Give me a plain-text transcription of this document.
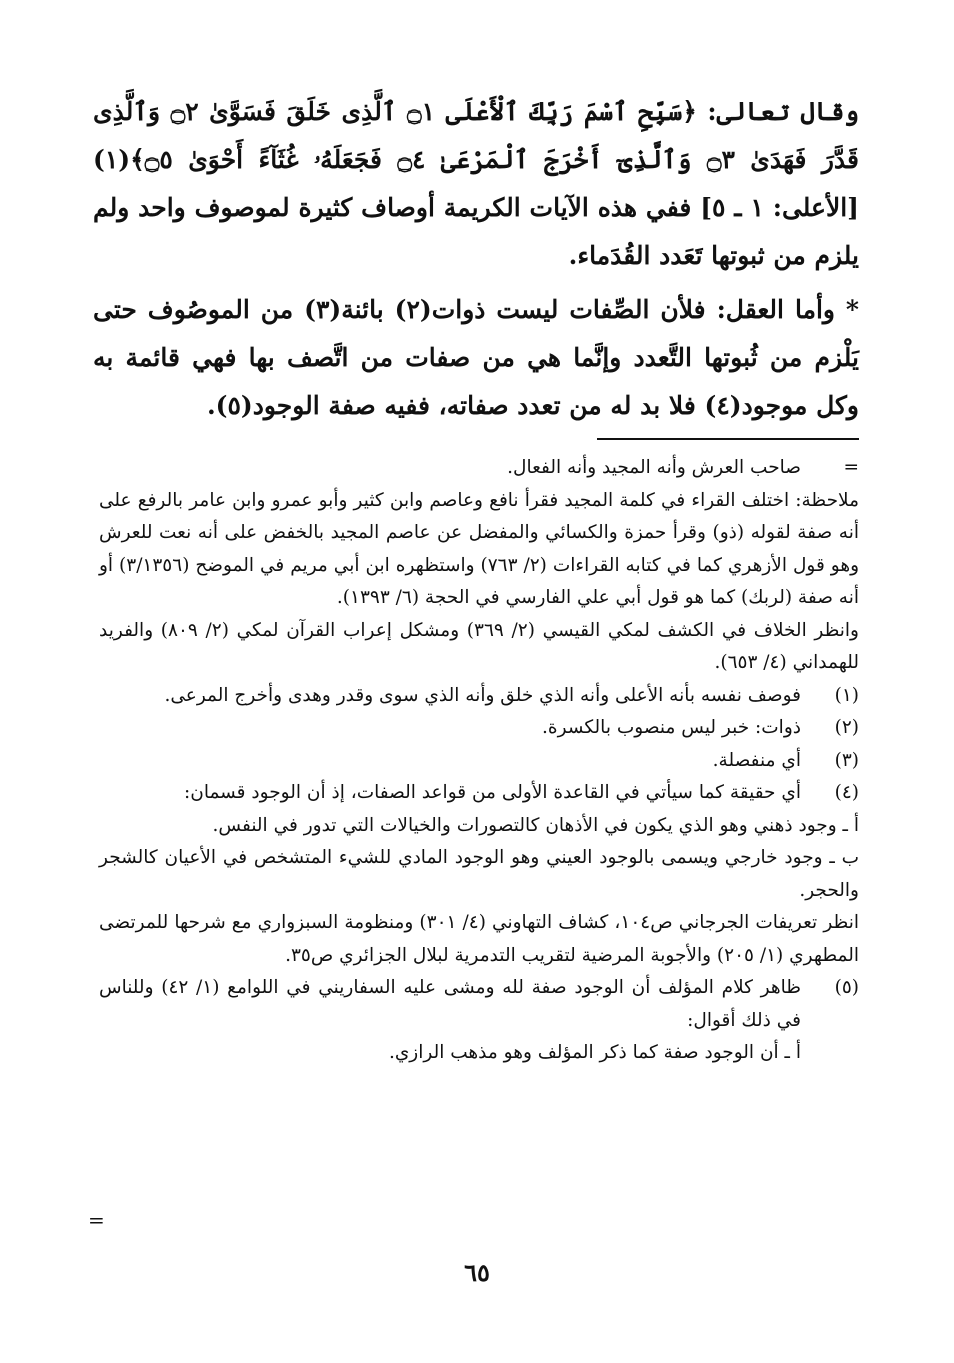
وقال تعالى: ﴿سَبِّحِ ٱسْمَ رَبِّكَ ٱلْأَعْلَى ۝١ ٱلَّذِى خَلَقَ فَسَوَّىٰ ۝٢ وَٱلَّذِى قَدَّرَ فَهَدَىٰ ۝٣ وَٱلَّذِىٓ أَخْرَجَ ٱلْمَرْعَىٰ ۝٤ فَجَعَلَهُۥ غُثَآءً أَحْوَىٰ ۝٥﴾(١) [الأعلى: ١ ـ ٥] ففي هذه الآيات الكريمة أوصاف كثيرة لموصوف واحد ولم يلزم من ثبوتها تَعَدد القُدَماء.

* وأما العقل: فلأن الصِّفات ليست ذوات(٢) بائنة(٣) من الموصُوف حتى يَلْزم من ثُبوتها التَّعدد وإنَّما هي من صفات من اتَّصف بها فهي قائمة به وكل موجود(٤) فلا بد له من تعدد صفاته، ففيه صفة الوجود(٥).

=
صاحب العرش وأنه المجيد وأنه الفعال.
ملاحظة: اختلف القراء في كلمة المجيد فقرأ نافع وعاصم وابن كثير وأبو عمرو وابن عامر بالرفع على أنه صفة لقوله (ذو) وقرأ حمزة والكسائي والمفضل عن عاصم المجيد بالخفض على أنه نعت للعرش وهو قول الأزهري كما في كتابه القراءات (٢/ ٧٦٣) واستظهره ابن أبي مريم في الموضح (٣/١٣٥٦) أو أنه صفة (لربك) كما هو قول أبي علي الفارسي في الحجة (٦/ ١٣٩٣).
وانظر الخلاف في الكشف لمكي القيسي (٢/ ٣٦٩) ومشكل إعراب القرآن لمكي (٢/ ٨٠٩) والفريد للهمداني (٤/ ٦٥٣).
(١)
فوصف نفسه بأنه الأعلى وأنه الذي خلق وأنه الذي سوى وقدر وهدى وأخرج المرعى.
(٢)
ذوات: خبر ليس منصوب بالكسرة.
(٣)
أي منفصلة.
(٤)
أي حقيقة كما سيأتي في القاعدة الأولى من قواعد الصفات، إذ أن الوجود قسمان:
أ ـ وجود ذهني وهو الذي يكون في الأذهان كالتصورات والخيالات التي تدور في النفس.
ب ـ وجود خارجي ويسمى بالوجود العيني وهو الوجود المادي للشيء المتشخص في الأعيان كالشجر والحجر.
انظر تعريفات الجرجاني ص١٠٤، كشاف التهاوني (٤/ ٣٠١) ومنظومة السبزواري مع شرحها للمرتضى المطهري (١/ ٢٠٥) والأجوبة المرضية لتقريب التدمرية لبلال الجزائري ص٣٥.
(٥)
ظاهر كلام المؤلف أن الوجود صفة لله ومشى عليه السفاريني في اللوامع (١/ ٤٢) وللناس في ذلك أقوال:
أ ـ أن الوجود صفة كما ذكر المؤلف وهو مذهب الرازي.
=
٦٥
